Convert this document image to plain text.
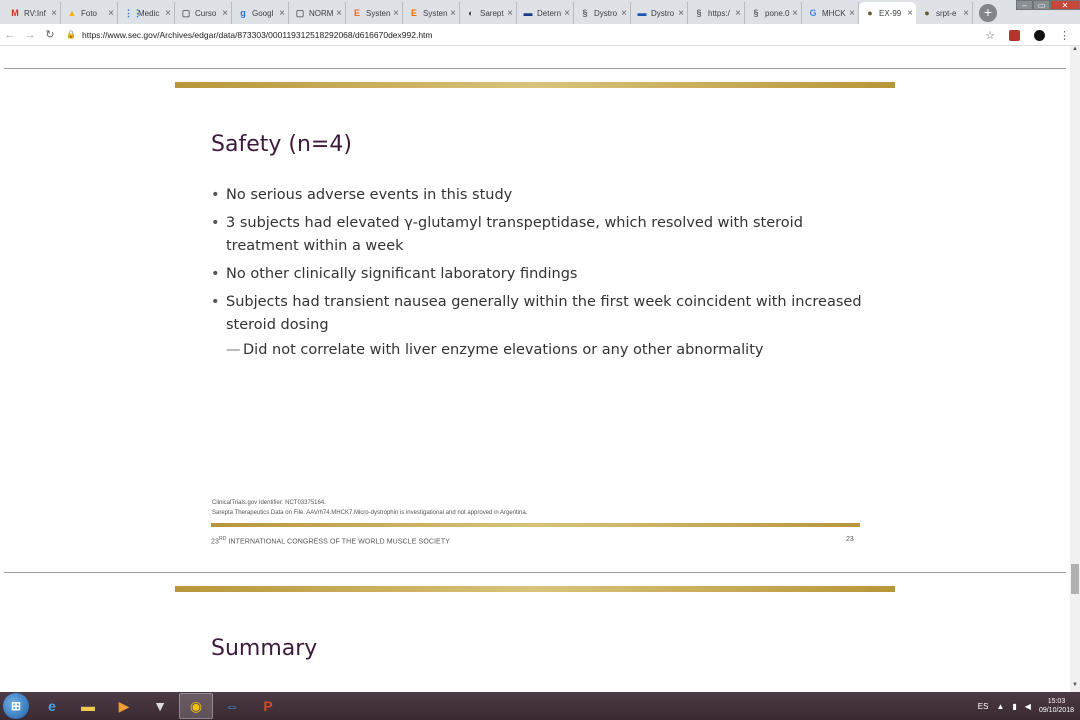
M RV:Inf × ▲ Foto	× ⋮⋮
Medic × ▢ Curso × g Googl × ▢ NORM × E Systen × E Systen × ◐ Sarept × ▬ Detern × § Dystro × ▬ Dystro × § https:/ × § pone.0 × G MHCK × ● EX-99 × ● srpt-e ×	+	–	▭	✕
← → ↻	🔒 https://www.sec.gov/Archives/edgar/data/873303/000119312518292068/d616670dex992.htm	☆	⋮
Safety (n=4)
• No serious adverse events in this study
• 3 subjects had elevated γ-glutamyl transpeptidase, which resolved with steroid treatment within a week
• No other clinically significant laboratory findings
• Subjects had transient nausea generally within the first week coincident with increased steroid dosing
— Did not correlate with liver enzyme elevations or any other abnormality
ClinicalTrials.gov Identifier: NCT03375164.
Sarepta Therapeutics Data on File. AAVrh74.MHCK7.Micro-dystrophin is investigational and not approved in Argentina.
23RD INTERNATIONAL CONGRESS OF THE WORLD MUSCLE SOCIETY	23
Summary
▲
▼
⊞	e	▬	▶	▼	◉	⇔	P	ES ▲ ▮ ◀	15:03
09/10/2018
